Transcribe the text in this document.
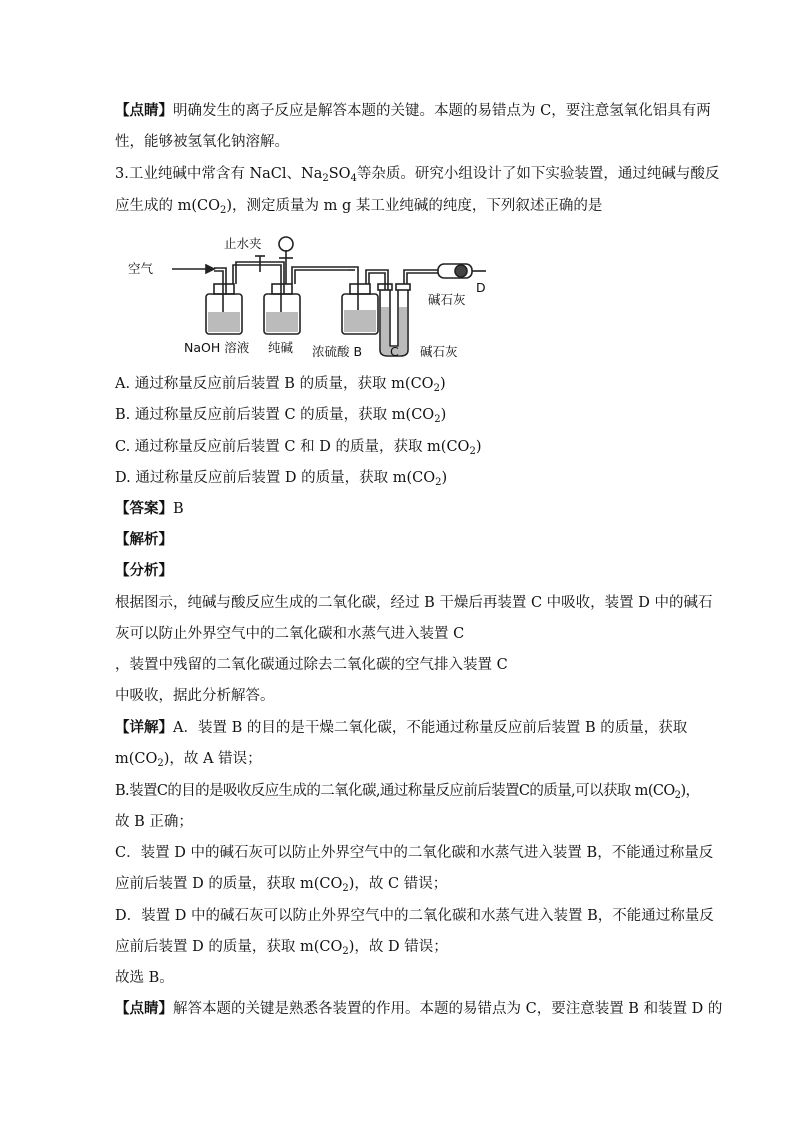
【点睛】明确发生的离子反应是解答本题的关键。本题的易错点为 C，要注意氢氧化铝具有两
性，能够被氢氧化钠溶解。
3.工业纯碱中常含有 NaCl、$Na_2SO_4$等杂质。研究小组设计了如下实验装置，通过纯碱与酸反
应生成的 $m(CO_2)$，测定质量为 m g 某工业纯碱的纯度，下列叙述正确的是
空气
止水夹
NaOH 溶液 纯碱 浓硫酸 B C
D
碱石灰
碱石灰
A. 通过称量反应前后装置 B 的质量，获取 $m(CO_2)$
B. 通过称量反应前后装置 C 的质量，获取 $m(CO_2)$
C. 通过称量反应前后装置 C 和 D 的质量，获取 $m(CO_2)$
D. 通过称量反应前后装置 D 的质量，获取 $m(CO_2)$
【答案】B
【解析】
【分析】
根据图示，纯碱与酸反应生成的二氧化碳，经过 B 干燥后再装置 C 中吸收，装置 D 中的碱石
灰可以防止外界空气中的二氧化碳和水蒸气进入装置 C
，装置中残留的二氧化碳通过除去二氧化碳的空气排入装置 C
中吸收，据此分析解答。
【详解】A．装置 B 的目的是干燥二氧化碳，不能通过称量反应前后装置 B 的质量，获取
$m(CO_2)$，故 A 错误；
B.装置C的目的是吸收反应生成的二氧化碳,通过称量反应前后装置C的质量,可以获取 $m(CO_2)$，
故 B 正确；
C．装置 D 中的碱石灰可以防止外界空气中的二氧化碳和水蒸气进入装置 B，不能通过称量反
应前后装置 D 的质量，获取 $m(CO_2)$，故 C 错误；
D．装置 D 中的碱石灰可以防止外界空气中的二氧化碳和水蒸气进入装置 B，不能通过称量反
应前后装置 D 的质量，获取 $m(CO_2)$，故 D 错误；
故选 B。
【点睛】解答本题的关键是熟悉各装置的作用。本题的易错点为 C，要注意装置 B 和装置 D 的
